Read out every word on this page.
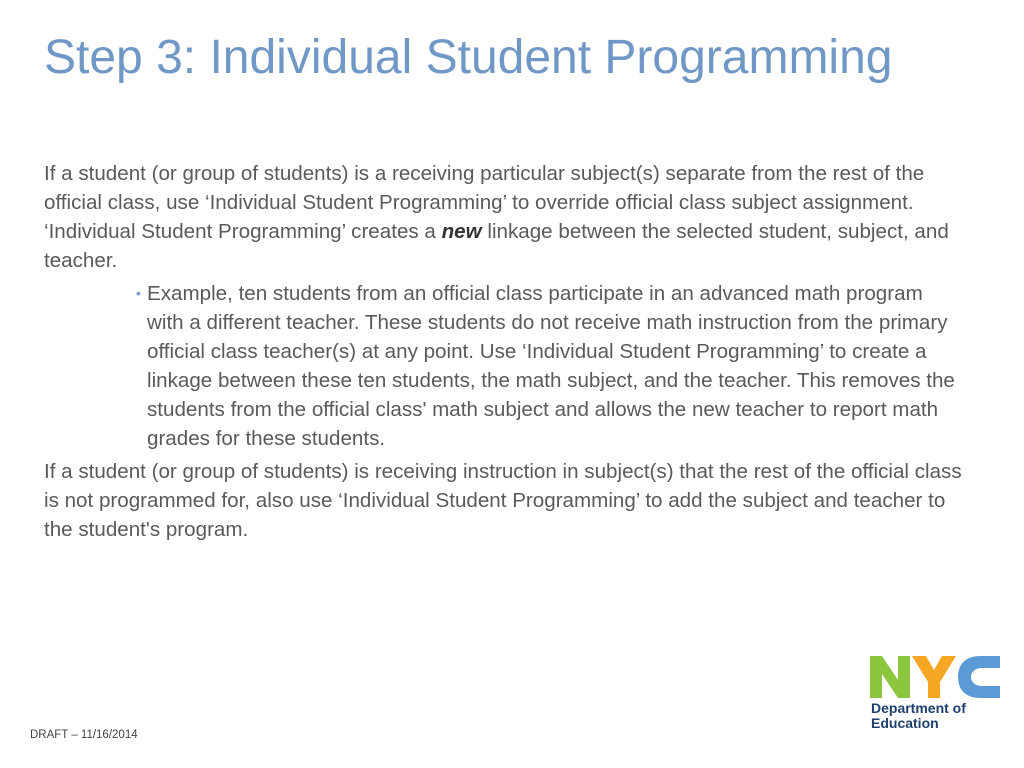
Step 3: Individual Student Programming

If a student (or group of students) is a receiving particular subject(s) separate from the rest of the official class, use ‘Individual Student Programming’ to override official class subject assignment. ‘Individual Student Programming’ creates a new linkage between the selected student, subject, and teacher.

• Example, ten students from an official class participate in an advanced math program with a different teacher. These students do not receive math instruction from the primary official class teacher(s) at any point. Use ‘Individual Student Programming’ to create a linkage between these ten students, the math subject, and the teacher. This removes the students from the official class' math subject and allows the new teacher to report math grades for these students.

If a student (or group of students) is receiving instruction in subject(s) that the rest of the official class is not programmed for, also use ‘Individual Student Programming’ to add the subject and teacher to the student's program.

DRAFT – 11/16/2014
Department of
Education
